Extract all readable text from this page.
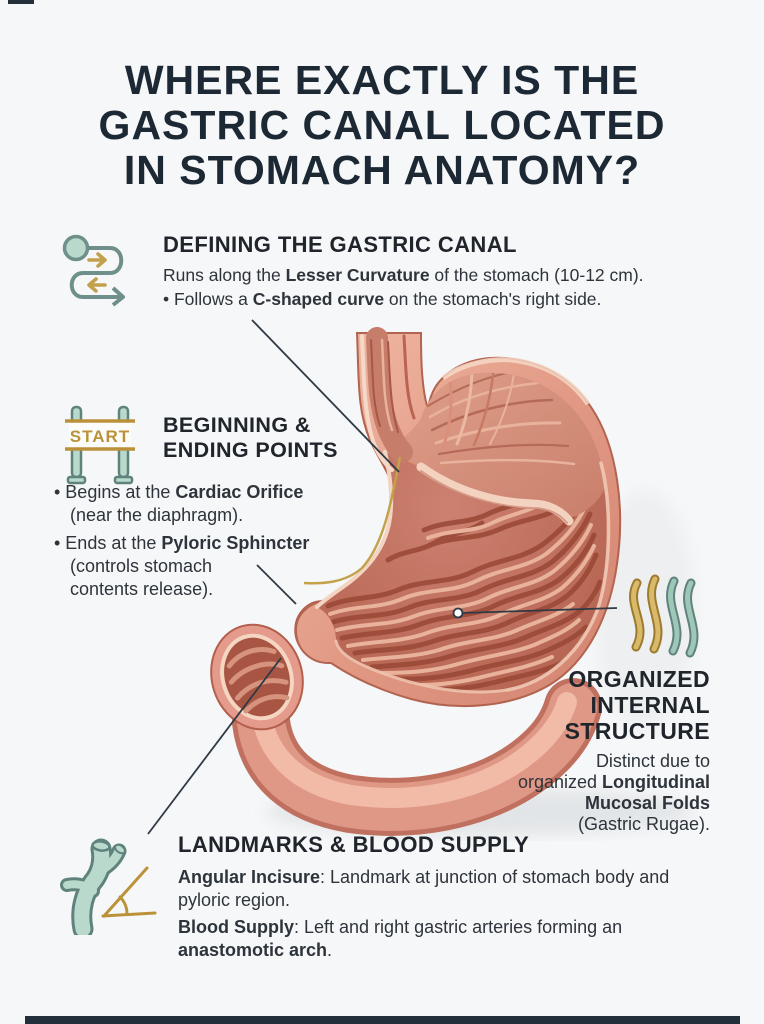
WHERE EXACTLY IS THE
GASTRIC CANAL LOCATED
IN STOMACH ANATOMY?
DEFINING THE GASTRIC CANAL
Runs along the Lesser Curvature of the stomach (10-12 cm).
• Follows a C-shaped curve on the stomach's right side.
START BEGINNING &
ENDING POINTS
• Begins at the Cardiac Orifice
(near the diaphragm).
• Ends at the Pyloric Sphincter
(controls stomach
contents release).
ORGANIZED
INTERNAL
STRUCTURE
Distinct due to
organized Longitudinal
Mucosal Folds
(Gastric Rugae).
LANDMARKS & BLOOD SUPPLY
Angular Incisure: Landmark at junction of stomach body and
pyloric region.
Blood Supply: Left and right gastric arteries forming an
anastomotic arch.
